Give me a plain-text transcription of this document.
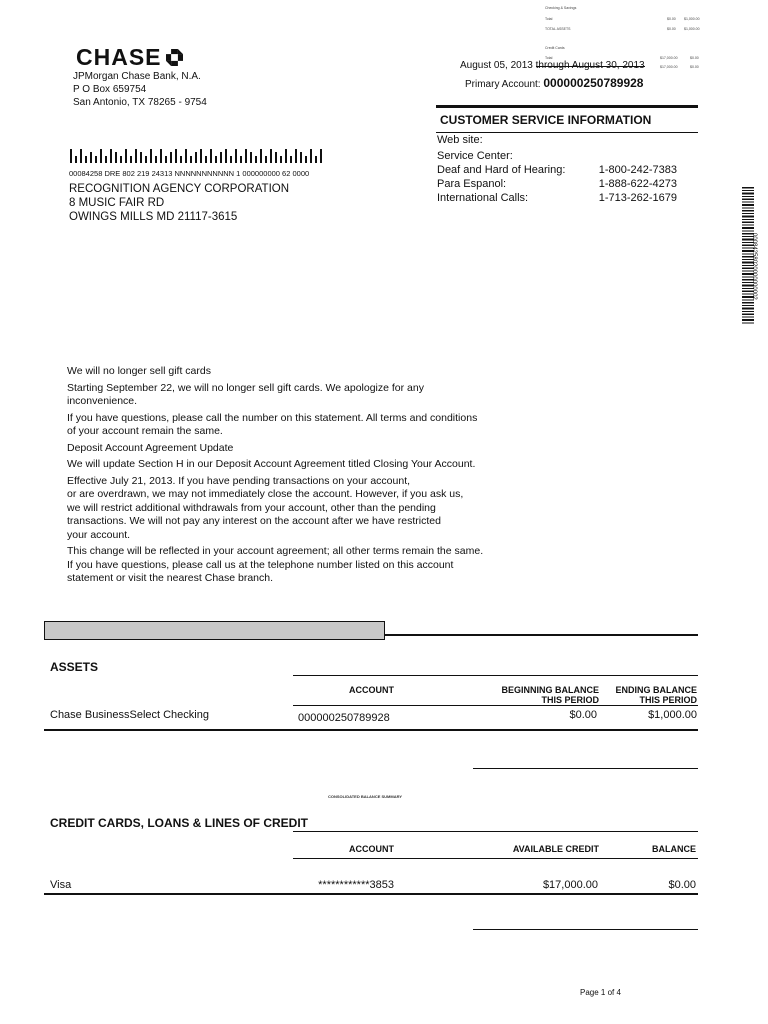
CHASE
JPMorgan Chase Bank, N.A.
P O Box 659754
San Antonio, TX 78265 - 9754
Checking & Savings
Total	$0.00 $1,000.00
TOTAL ASSETS	$0.00 $1,000.00
Credit Cards
Total	$17,000.00	$0.00
$17,000.00	$0.00
August 05, 2013 through August 30, 2013
Primary Account: 000000250789928
CUSTOMER SERVICE INFORMATION
Web site:
Service Center:
Deaf and Hard of Hearing:	1-800-242-7383
Para Espanol:	1-888-622-4273
International Calls:	1-713-262-1679
00084258 DRE 802 219 24313 NNNNNNNNNNN 1 000000000 62 0000
RECOGNITION AGENCY CORPORATION
8 MUSIC FAIR RD
OWINGS MILLS MD 21117-3615
00084258020000000002

We will no longer sell gift cards

Starting September 22, we will no longer sell gift cards. We apologize for any
inconvenience.

If you have questions, please call the number on this statement. All terms and conditions
of your account remain the same.

Deposit Account Agreement Update

We will update Section H in our Deposit Account Agreement titled Closing Your Account.

Effective July 21, 2013. If you have pending transactions on your account,
or are overdrawn, we may not immediately close the account. However, if you ask us,
we will restrict additional withdrawals from your account, other than the pending
transactions. We will not pay any interest on the account after we have restricted
your account.

This change will be reflected in your account agreement; all other terms remain the same.
If you have questions, please call us at the telephone number listed on this account
statement or visit the nearest Chase branch.

ASSETS
ACCOUNT	BEGINNING BALANCE
THIS PERIOD
ENDING BALANCE
THIS PERIOD
Chase BusinessSelect Checking	000000250789928	$0.00	$1,000.00
CONSOLIDATED BALANCE SUMMARY
CREDIT CARDS, LOANS & LINES OF CREDIT
ACCOUNT	AVAILABLE CREDIT	BALANCE
Visa	************3853	$17,000.00	$0.00
Page 1 of 4
